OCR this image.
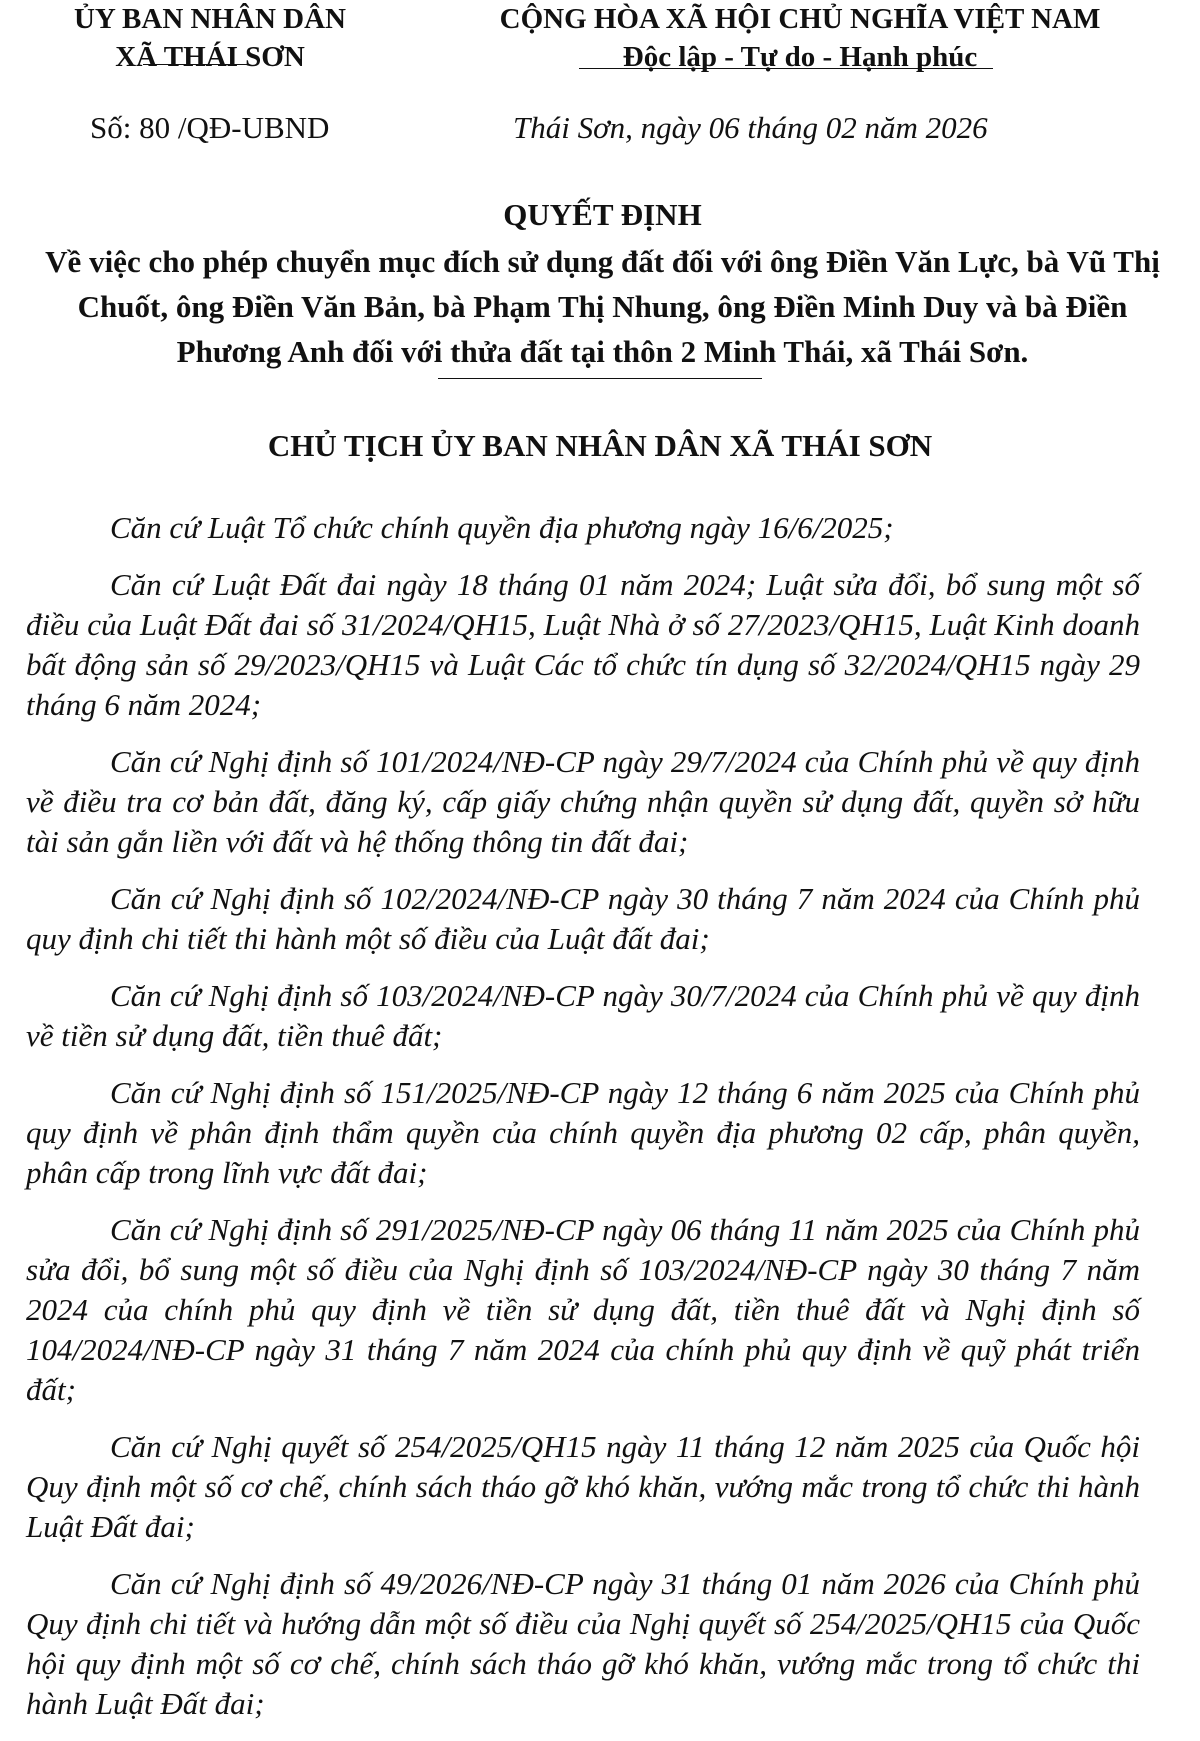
ỦY BAN NHÂN DÂN
XÃ THÁI SƠN
CỘNG HÒA XÃ HỘI CHỦ NGHĨA VIỆT NAM
Độc lập - Tự do - Hạnh phúc
Số: 80 /QĐ-UBND	Thái Sơn, ngày 06 tháng 02 năm 2026
QUYẾT ĐỊNH
Về việc cho phép chuyển mục đích sử dụng đất đối với ông Điền Văn Lực, bà Vũ Thị Chuốt, ông Điền Văn Bản, bà Phạm Thị Nhung, ông Điền Minh Duy và bà Điền Phương Anh đối với thửa đất tại thôn 2 Minh Thái, xã Thái Sơn.
CHỦ TỊCH ỦY BAN NHÂN DÂN XÃ THÁI SƠN

Căn cứ Luật Tổ chức chính quyền địa phương ngày 16/6/2025;

Căn cứ Luật Đất đai ngày 18 tháng 01 năm 2024; Luật sửa đổi, bổ sung một số điều của Luật Đất đai số 31/2024/QH15, Luật Nhà ở số 27/2023/QH15, Luật Kinh doanh bất động sản số 29/2023/QH15 và Luật Các tổ chức tín dụng số 32/2024/QH15 ngày 29 tháng 6 năm 2024;

Căn cứ Nghị định số 101/2024/NĐ-CP ngày 29/7/2024 của Chính phủ về quy định về điều tra cơ bản đất, đăng ký, cấp giấy chứng nhận quyền sử dụng đất, quyền sở hữu tài sản gắn liền với đất và hệ thống thông tin đất đai;

Căn cứ Nghị định số 102/2024/NĐ-CP ngày 30 tháng 7 năm 2024 của Chính phủ quy định chi tiết thi hành một số điều của Luật đất đai;

Căn cứ Nghị định số 103/2024/NĐ-CP ngày 30/7/2024 của Chính phủ về quy định về tiền sử dụng đất, tiền thuê đất;

Căn cứ Nghị định số 151/2025/NĐ-CP ngày 12 tháng 6 năm 2025 của Chính phủ quy định về phân định thẩm quyền của chính quyền địa phương 02 cấp, phân quyền, phân cấp trong lĩnh vực đất đai;

Căn cứ Nghị định số 291/2025/NĐ-CP ngày 06 tháng 11 năm 2025 của Chính phủ sửa đổi, bổ sung một số điều của Nghị định số 103/2024/NĐ-CP ngày 30 tháng 7 năm 2024 của chính phủ quy định về tiền sử dụng đất, tiền thuê đất và Nghị định số 104/2024/NĐ-CP ngày 31 tháng 7 năm 2024 của chính phủ quy định về quỹ phát triển đất;

Căn cứ Nghị quyết số 254/2025/QH15 ngày 11 tháng 12 năm 2025 của Quốc hội Quy định một số cơ chế, chính sách tháo gỡ khó khăn, vướng mắc trong tổ chức thi hành Luật Đất đai;

Căn cứ Nghị định số 49/2026/NĐ-CP ngày 31 tháng 01 năm 2026 của Chính phủ Quy định chi tiết và hướng dẫn một số điều của Nghị quyết số 254/2025/QH15 của Quốc hội quy định một số cơ chế, chính sách tháo gỡ khó khăn, vướng mắc trong tổ chức thi hành Luật Đất đai;
